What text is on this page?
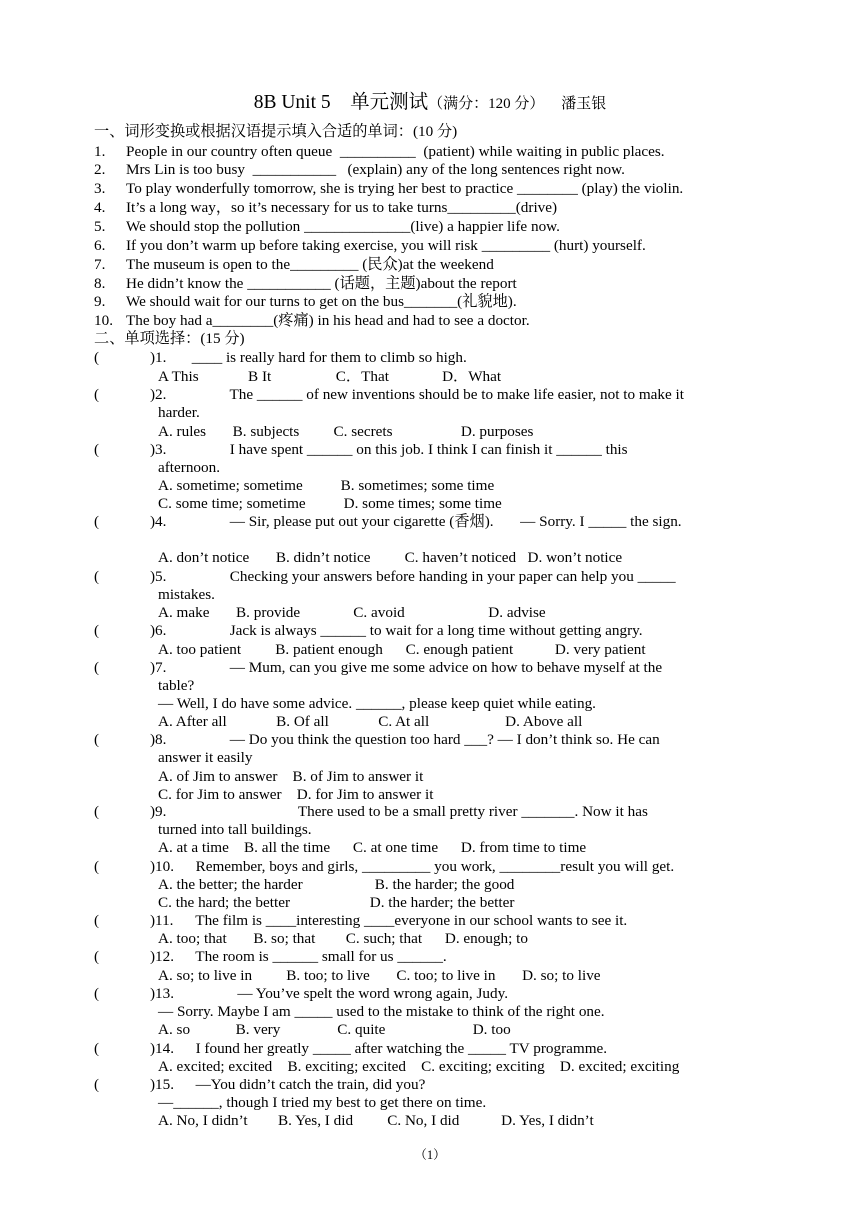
8B Unit 5　单元测试（满分：120 分）　 潘玉银
一、词形变换或根据汉语提示填入合适的单词：(10 分)
1. People in our country often queue  __________  (patient) while waiting in public places.
2. Mrs Lin is too busy  ___________   (explain) any of the long sentences right now.
3. To play wonderfully tomorrow, she is trying her best to practice ________ (play) the violin.
4. It’s a long way，so it’s necessary for us to take turns_________(drive)
5. We should stop the pollution ______________(live) a happier life now.
6. If you don’t warm up before taking exercise, you will risk _________ (hurt) yourself.
7. The museum is open to the_________ (民众)at the weekend
8. He didn’t know the ___________ (话题，主题)about the report
9. We should wait for our turns to get on the bus_______(礼貌地).
10. The boy had a________(疼痛) in his head and had to see a doctor.
二、单项选择：(15 分)
(	)1. ____ is really hard for them to climb so high.
A This             B It                 C．That              D．What
(	)2. The ______ of new inventions should be to make life easier, not to make it
harder.
A. rules       B. subjects         C. secrets                  D. purposes
(	)3. I have spent ______ on this job. I think I can finish it ______ this
afternoon.
A. sometime; sometime          B. sometimes; some time
C. some time; sometime          D. some times; some time
(	)4. — Sir, please put out your cigarette (香烟).       — Sorry. I _____ the sign.
A. don’t notice       B. didn’t notice         C. haven’t noticed   D. won’t notice
(	)5. Checking your answers before handing in your paper can help you _____
mistakes.
A. make       B. provide              C. avoid                      D. advise
(	)6. Jack is always ______ to wait for a long time without getting angry.
A. too patient         B. patient enough      C. enough patient           D. very patient
(	)7. — Mum, can you give me some advice on how to behave myself at the
table?
— Well, I do have some advice. ______, please keep quiet while eating.
A. After all             B. Of all             C. At all                    D. Above all
(	)8. — Do you think the question too hard ___? — I don’t think so. He can
answer it easily
A. of Jim to answer    B. of Jim to answer it
C. for Jim to answer    D. for Jim to answer it
(	)9. There used to be a small pretty river _______. Now it has
turned into tall buildings.
A. at a time    B. all the time      C. at one time      D. from time to time
(	)10. Remember, boys and girls, _________ you work, ________result you will get.
A. the better; the harder                   B. the harder; the good
C. the hard; the better                     D. the harder; the better
(	)11. The film is ____interesting ____everyone in our school wants to see it.
A. too; that       B. so; that        C. such; that      D. enough; to
(	)12. The room is ______ small for us ______.
A. so; to live in         B. too; to live       C. too; to live in       D. so; to live
(	)13. — You’ve spelt the word wrong again, Judy.
— Sorry. Maybe I am _____ used to the mistake to think of the right one.
A. so            B. very               C. quite                       D. too
(	)14. I found her greatly _____ after watching the _____ TV programme.
A. excited; excited    B. exciting; excited    C. exciting; exciting    D. excited; exciting
(	)15. —You didn’t catch the train, did you?
—______, though I tried my best to get there on time.
A. No, I didn’t        B. Yes, I did         C. No, I did           D. Yes, I didn’t
（1）
